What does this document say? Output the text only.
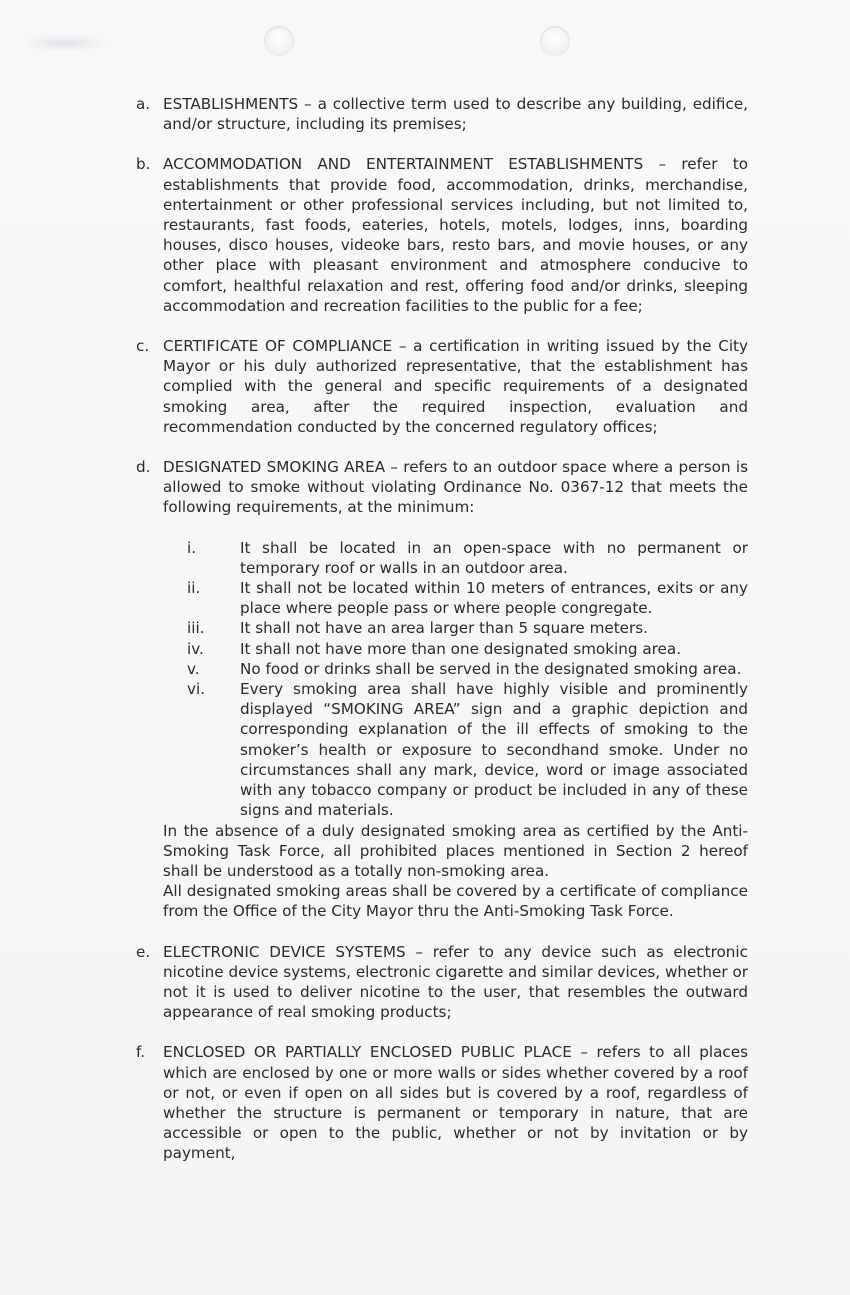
a. ESTABLISHMENTS – a collective term used to describe any building, edifice, and/or structure, including its premises;

b. ACCOMMODATION AND ENTERTAINMENT ESTABLISHMENTS – refer to establishments that provide food, accommodation, drinks, merchandise, entertainment or other professional services including, but not limited to, restaurants, fast foods, eateries, hotels, motels, lodges, inns, boarding houses, disco houses, videoke bars, resto bars, and movie houses, or any other place with pleasant environment and atmosphere conducive to comfort, healthful relaxation and rest, offering food and/or drinks, sleeping accommodation and recreation facilities to the public for a fee;

c. CERTIFICATE OF COMPLIANCE – a certification in writing issued by the City Mayor or his duly authorized representative, that the establishment has complied with the general and specific requirements of a designated smoking area, after the required inspection, evaluation and recommendation conducted by the concerned regulatory offices;

d. DESIGNATED SMOKING AREA – refers to an outdoor space where a person is allowed to smoke without violating Ordinance No. 0367-12 that meets the following requirements, at the minimum:

i.	It shall be located in an open-space with no permanent or temporary roof or walls in an outdoor area.
ii.	It shall not be located within 10 meters of entrances, exits or any place where people pass or where people congregate.
iii. It shall not have an area larger than 5 square meters.
iv. It shall not have more than one designated smoking area.
v.	No food or drinks shall be served in the designated smoking area.
vi. Every smoking area shall have highly visible and prominently displayed “SMOKING AREA” sign and a graphic depiction and corresponding explanation of the ill effects of smoking to the smoker’s health or exposure to secondhand smoke. Under no circumstances shall any mark, device, word or image associated with any tobacco company or product be included in any of these signs and materials.

In the absence of a duly designated smoking area as certified by the Anti-Smoking Task Force, all prohibited places mentioned in Section 2 hereof shall be understood as a totally non-smoking area.

All designated smoking areas shall be covered by a certificate of compliance from the Office of the City Mayor thru the Anti-Smoking Task Force.

e. ELECTRONIC DEVICE SYSTEMS – refer to any device such as electronic nicotine device systems, electronic cigarette and similar devices, whether or not it is used to deliver nicotine to the user, that resembles the outward appearance of real smoking products;

f. ENCLOSED OR PARTIALLY ENCLOSED PUBLIC PLACE – refers to all places which are enclosed by one or more walls or sides whether covered by a roof or not, or even if open on all sides but is covered by a roof, regardless of whether the structure is permanent or temporary in nature, that are accessible or open to the public, whether or not by invitation or by payment,
